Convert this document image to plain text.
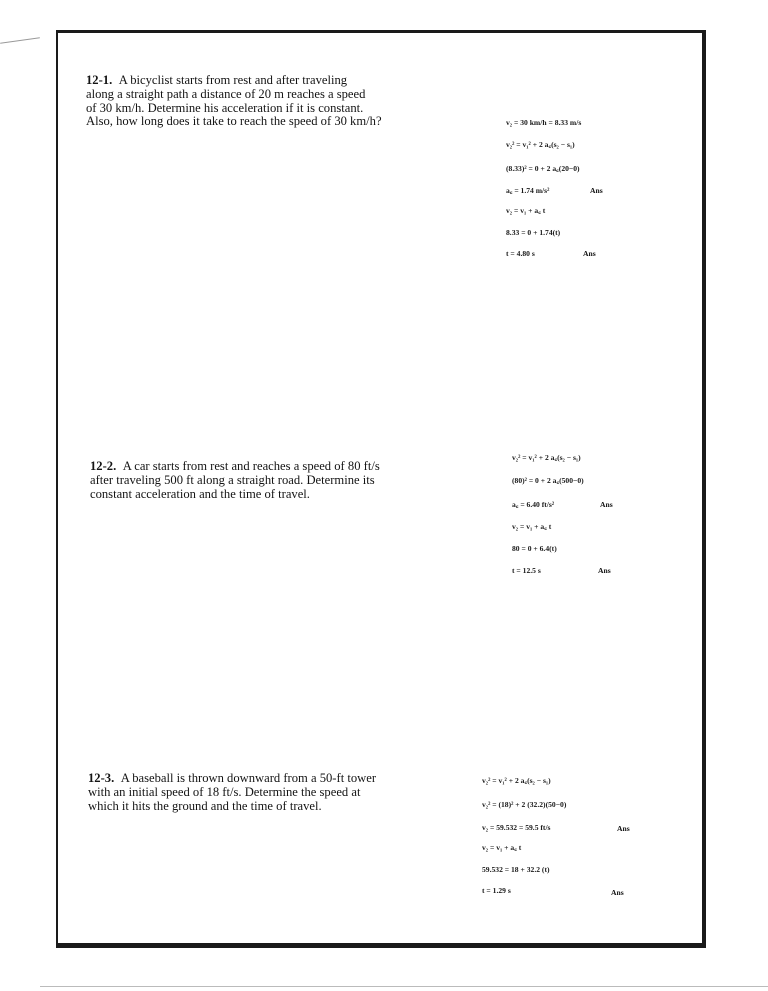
12-1. A bicyclist starts from rest and after traveling
along a straight path a distance of 20 m reaches a speed
of 30 km/h. Determine his acceleration if it is constant.
Also, how long does it take to reach the speed of 30 km/h?	v₂ = 30 km/h = 8.33 m/s
v₂² = v₁² + 2 a꜀(s₂ − s₁)
(8.33)² = 0 + 2 a꜀(20−0)
a꜀ = 1.74 m/s²
v₂ = v₁ + a꜀ t
8.33 = 0 + 1.74(t)
t = 4.80 s
Ans
Ans
12-2. A car starts from rest and reaches a speed of 80 ft/s
after traveling 500 ft along a straight road. Determine its
constant acceleration and the time of travel.
v₂² = v₁² + 2 a꜀(s₂ − s₁)
(80)² = 0 + 2 a꜀(500−0)
a꜀ = 6.40 ft/s²
v₂ = v₁ + a꜀ t
80 = 0 + 6.4(t)
t = 12.5 s
Ans
Ans
12-3. A baseball is thrown downward from a 50-ft tower
with an initial speed of 18 ft/s. Determine the speed at
which it hits the ground and the time of travel.
v₂² = v₁² + 2 a꜀(s₂ − s₁)
v₂² = (18)² + 2 (32.2)(50−0)
v₂ = 59.532 = 59.5 ft/s
v₂ = v₁ + a꜀ t
59.532 = 18 + 32.2 (t)
t = 1.29 s
Ans
Ans
